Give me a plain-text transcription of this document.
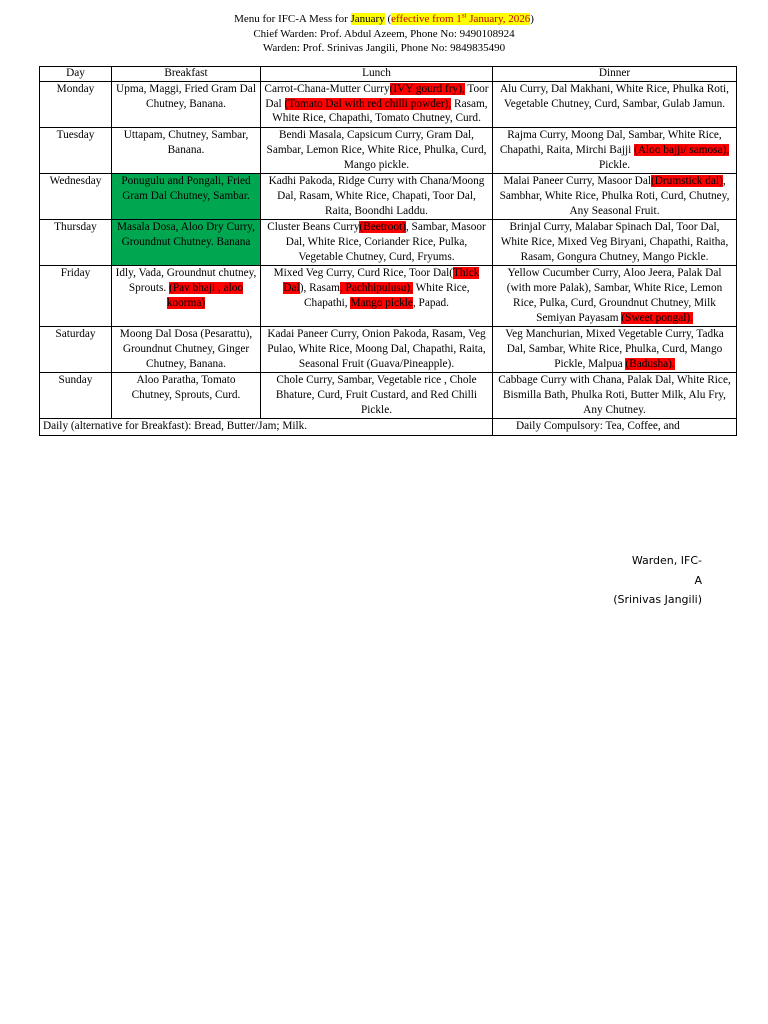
Menu for IFC-A Mess for January (effective from 1st January, 2026)
Chief Warden: Prof. Abdul Azeem, Phone No: 9490108924
Warden: Prof. Srinivas Jangili, Phone No: 9849835490
Day	Breakfast	Lunch	Dinner
Monday	Upma, Maggi, Fried Gram Dal Chutney, Banana.	Carrot-Chana-Mutter Curry(IVY gourd fry), Toor Dal (Tomato Dal with red chilli powder), Rasam, White Rice, Chapathi, Tomato Chutney, Curd.	Alu Curry, Dal Makhani, White Rice, Phulka Roti, Vegetable Chutney, Curd, Sambar, Gulab Jamun.
Tuesday	Uttapam, Chutney, Sambar, Banana.	Bendi Masala, Capsicum Curry, Gram Dal, Sambar, Lemon Rice, White Rice, Phulka, Curd, Mango pickle.	Rajma Curry, Moong Dal, Sambar, White Rice, Chapathi, Raita, Mirchi Bajji (Aloo bajji/ samosa), Pickle.
Wednesday	Ponugulu and Pongali, Fried Gram Dal Chutney, Sambar.	Kadhi Pakoda, Ridge Curry with Chana/Moong Dal, Rasam, White Rice, Chapati, Toor Dal, Raita, Boondhi Laddu.	Malai Paneer Curry, Masoor Dal(Drumstick dal), Sambhar, White Rice, Phulka Roti, Curd, Chutney, Any Seasonal Fruit.
Thursday	Masala Dosa, Aloo Dry Curry, Groundnut Chutney. Banana	Cluster Beans Curry(Beetroot), Sambar, Masoor Dal, White Rice, Coriander Rice, Pulka, Vegetable Chutney, Curd, Fryums.	Brinjal Curry, Malabar Spinach Dal, Toor Dal, White Rice, Mixed Veg Biryani, Chapathi, Raitha, Rasam, Gongura Chutney, Mango Pickle.
Friday	Idly, Vada, Groundnut chutney, Sprouts. (Pav bhaji , aloo koorma)	Mixed Veg Curry, Curd Rice, Toor Dal(Thick Dal), Rasam, Pachhipulusu), White Rice, Chapathi, Mango pickle, Papad.	Yellow Cucumber Curry, Aloo Jeera, Palak Dal (with more Palak), Sambar, White Rice, Lemon Rice, Pulka, Curd, Groundnut Chutney, Milk Semiyan Payasam (Sweet pongal).
Saturday	Moong Dal Dosa (Pesarattu), Groundnut Chutney, Ginger Chutney, Banana.	Kadai Paneer Curry, Onion Pakoda, Rasam, Veg Pulao, White Rice, Moong Dal, Chapathi, Raita, Seasonal Fruit (Guava/Pineapple).	Veg Manchurian, Mixed Vegetable Curry, Tadka Dal, Sambar, White Rice, Phulka, Curd, Mango Pickle, Malpua (Badusha).
Sunday	Aloo Paratha, Tomato Chutney, Sprouts, Curd.	Chole Curry, Sambar, Vegetable rice , Chole Bhature, Curd, Fruit Custard, and Red Chilli Pickle.	Cabbage Curry with Chana, Palak Dal, White Rice, Bismilla Bath, Phulka Roti, Butter Milk, Alu Fry, Any Chutney.
Daily (alternative for Breakfast): Bread, Butter/Jam; Milk.			Daily Compulsory: Tea, Coffee, and
Warden, IFC-
A
(Srinivas Jangili)
